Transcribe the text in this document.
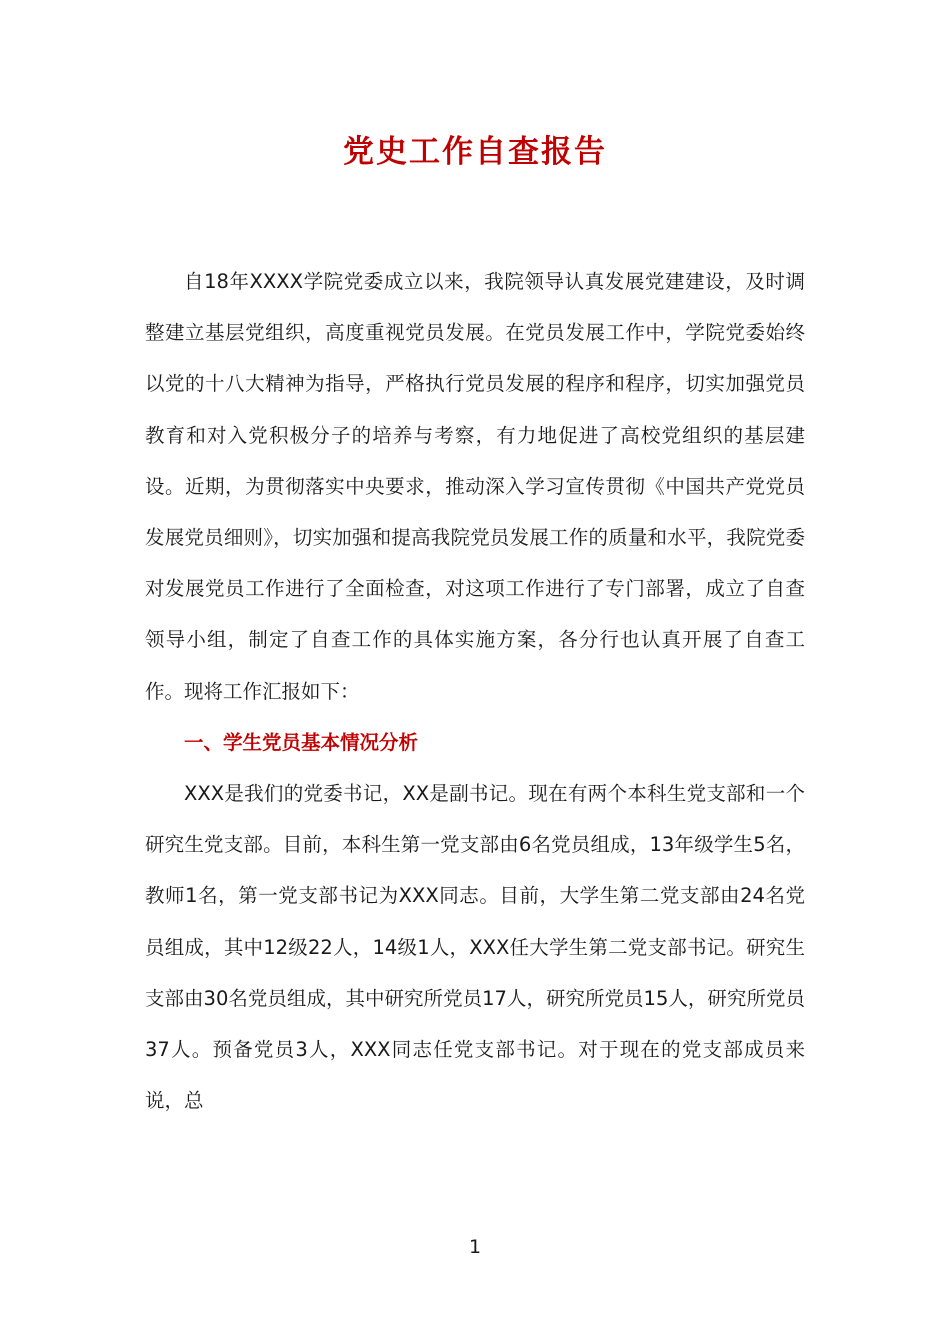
党史工作自查报告

自18年XXXX学院党委成立以来，我院领导认真发展党建建设，及时调整建立基层党组织，高度重视党员发展。在党员发展工作中，学院党委始终以党的十八大精神为指导，严格执行党员发展的程序和程序，切实加强党员教育和对入党积极分子的培养与考察，有力地促进了高校党组织的基层建设。近期，为贯彻落实中央要求，推动深入学习宣传贯彻《中国共产党党员发展党员细则》，切实加强和提高我院党员发展工作的质量和水平，我院党委对发展党员工作进行了全面检查，对这项工作进行了专门部署，成立了自查领导小组，制定了自查工作的具体实施方案，各分行也认真开展了自查工作。现将工作汇报如下：

一、学生党员基本情况分析

XXX是我们的党委书记，XX是副书记。现在有两个本科生党支部和一个研究生党支部。目前，本科生第一党支部由6名党员组成，13年级学生5名，教师1名，第一党支部书记为XXX同志。目前，大学生第二党支部由24名党员组成，其中12级22人，14级1人，XXX任大学生第二党支部书记。研究生支部由30名党员组成，其中研究所党员17人，研究所党员15人，研究所党员37人。预备党员3人，XXX同志任党支部书记。对于现在的党支部成员来说，总

1
